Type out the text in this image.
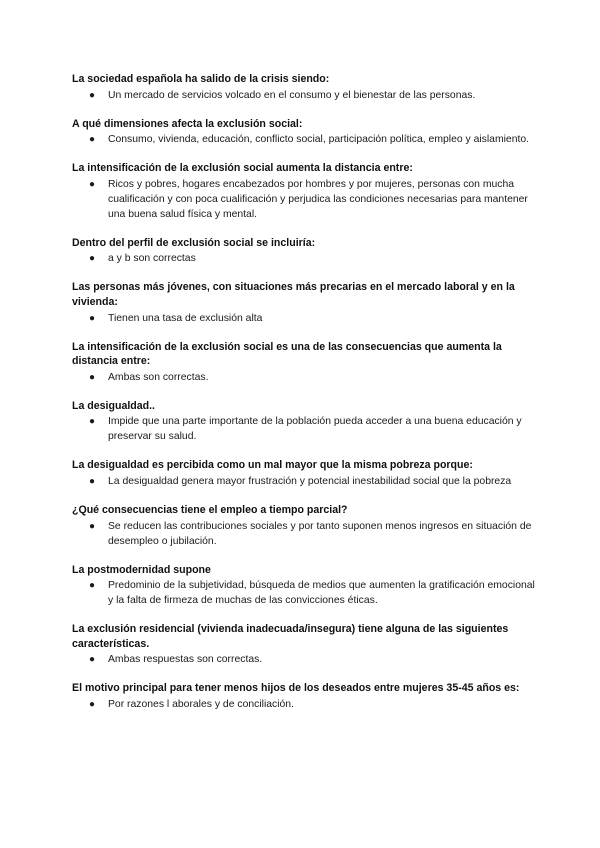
La sociedad española ha salido de la crisis siendo:

● Un mercado de servicios volcado en el consumo y el bienestar de las personas.

A qué dimensiones afecta la exclusión social:

● Consumo, vivienda, educación, conflicto social, participación política, empleo y aislamiento.

La intensificación de la exclusión social aumenta la distancia entre:

● Ricos y pobres, hogares encabezados por hombres y por mujeres, personas con mucha cualificación y con poca cualificación y perjudica las condiciones necesarias para mantener una buena salud física y mental.

Dentro del perfil de exclusión social se incluiría:

● a y b son correctas

Las personas más jóvenes, con situaciones más precarias en el mercado laboral y en la vivienda:

● Tienen una tasa de exclusión alta

La intensificación de la exclusión social es una de las consecuencias que aumenta la distancia entre:

● Ambas son correctas.

La desigualdad..

● Impide que una parte importante de la población pueda acceder a una buena educación y preservar su salud.

La desigualdad es percibida como un mal mayor que la misma pobreza porque:

● La desigualdad genera mayor frustración y potencial inestabilidad social que la pobreza

¿Qué consecuencias tiene el empleo a tiempo parcial?

● Se reducen las contribuciones sociales y por tanto suponen menos ingresos en situación de desempleo o jubilación.

La postmodernidad supone

● Predominio de la subjetividad, búsqueda de medios que aumenten la gratificación emocional y la falta de firmeza de muchas de las convicciones éticas.

La exclusión residencial (vivienda inadecuada/insegura) tiene alguna de las siguientes características.

● Ambas respuestas son correctas.

El motivo principal para tener menos hijos de los deseados entre mujeres 35-45 años es:

● Por razones l aborales y de conciliación.
